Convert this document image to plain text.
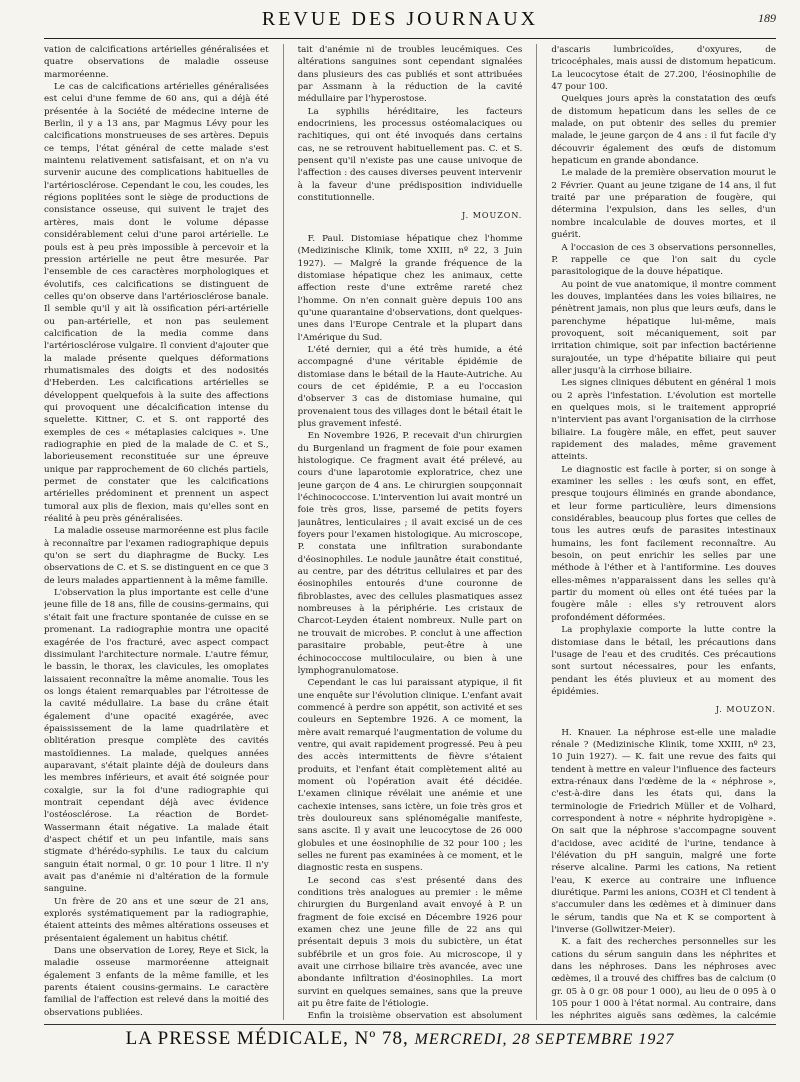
REVUE DES JOURNAUX	189

vation de calcifications artérielles généralisées et quatre observations de maladie osseuse marmoréenne.

Le cas de calcifications artérielles généralisées est celui d'une femme de 60 ans, qui a déjà été présentée à la Société de médecine interne de Berlin, il y a 13 ans, par Magmus Lévy pour les calcifications monstrueuses de ses artères. Depuis ce temps, l'état général de cette malade s'est maintenu relativement satisfaisant, et on n'a vu survenir aucune des complications habituelles de l'artériosclérose. Cependant le cou, les coudes, les régions poplitées sont le siège de productions de consistance osseuse, qui suivent le trajet des artères, mais dont le volume dépasse considérablement celui d'une paroi artérielle. Le pouls est à peu près impossible à percevoir et la pression artérielle ne peut être mesurée. Par l'ensemble de ces caractères morphologiques et évolutifs, ces calcifications se distinguent de celles qu'on observe dans l'artériosclérose banale. Il semble qu'il y ait là ossification péri-artérielle ou pan-artérielle, et non pas seulement calcification de la media comme dans l'artériosclérose vulgaire. Il convient d'ajouter que la malade présente quelques déformations rhumatismales des doigts et des nodosités d'Heberden. Les calcifications artérielles se développent quelquefois à la suite des affections qui provoquent une décalcification intense du squelette. Kittner, C. et S. ont rapporté des exemples de ces « métaplasies calciques ». Une radiographie en pied de la malade de C. et S., laborieusement reconstituée sur une épreuve unique par rapprochement de 60 clichés partiels, permet de constater que les calcifications artérielles prédominent et prennent un aspect tumoral aux plis de flexion, mais qu'elles sont en réalité à peu près généralisées.

La maladie osseuse marmoréenne est plus facile à reconnaître par l'examen radiographique depuis qu'on se sert du diaphragme de Bucky. Les observations de C. et S. se distinguent en ce que 3 de leurs malades appartiennent à la même famille.

L'observation la plus importante est celle d'une jeune fille de 18 ans, fille de cousins-germains, qui s'était fait une fracture spontanée de cuisse en se promenant. La radiographie montra une opacité exagérée de l'os fracturé, avec aspect compact dissimulant l'architecture normale. L'autre fémur, le bassin, le thorax, les clavicules, les omoplates laissaient reconnaître la même anomalie. Tous les os longs étaient remarquables par l'étroitesse de la cavité médullaire. La base du crâne était également d'une opacité exagérée, avec épaississement de la lame quadrilatère et oblitération presque complète des cavités mastoïdiennes. La malade, quelques années auparavant, s'était plainte déjà de douleurs dans les membres inférieurs, et avait été soignée pour coxalgie, sur la foi d'une radiographie qui montrait cependant déjà avec évidence l'ostéosclérose. La réaction de Bordet-Wassermann était négative. La malade était d'aspect chétif et un peu infantile, mais sans stigmate d'hérédo-syphilis. Le taux du calcium sanguin était normal, 0 gr. 10 pour 1 litre. Il n'y avait pas d'anémie ni d'altération de la formule sanguine.

Un frère de 20 ans et une sœur de 21 ans, explorés systématiquement par la radiographie, étaient atteints des mêmes altérations osseuses et présentaient également un habitus chétif.

Dans une observation de Lorey, Reye et Sick, la maladie osseuse marmoréenne atteignait également 3 enfants de la même famille, et les parents étaient cousins-germains. Le caractère familial de l'affection est relevé dans la moitié des observations publiées.

tait d'anémie ni de troubles leucémiques. Ces altérations sanguines sont cependant signalées dans plusieurs des cas publiés et sont attribuées par Assmann à la réduction de la cavité médullaire par l'hyperostose.

La syphilis héréditaire, les facteurs endocriniens, les processus ostéomalaciques ou rachitiques, qui ont été invoqués dans certains cas, ne se retrouvent habituellement pas. C. et S. pensent qu'il n'existe pas une cause univoque de l'affection : des causes diverses peuvent intervenir à la faveur d'une prédisposition individuelle constitutionnelle.

J. MOUZON.

F. Paul. Distomiase hépatique chez l'homme (Medizinische Klinik, tome XXIII, nº 22, 3 Juin 1927). — Malgré la grande fréquence de la distomiase hépatique chez les animaux, cette affection reste d'une extrême rareté chez l'homme. On n'en connait guère depuis 100 ans qu'une quarantaine d'observations, dont quelques-unes dans l'Europe Centrale et la plupart dans l'Amérique du Sud.

L'été dernier, qui a été très humide, a été accompagné d'une véritable épidémie de distomiase dans le bétail de la Haute-Autriche. Au cours de cet épidémie, P. a eu l'occasion d'observer 3 cas de distomiase humaine, qui provenaient tous des villages dont le bétail était le plus gravement infesté.

En Novembre 1926, P. recevait d'un chirurgien du Burgenland un fragment de foie pour examen histologique. Ce fragment avait été prélevé, au cours d'une laparotomie exploratrice, chez une jeune garçon de 4 ans. Le chirurgien soupçonnait l'échinococcose. L'intervention lui avait montré un foie très gros, lisse, parsemé de petits foyers jaunâtres, lenticulaires ; il avait excisé un de ces foyers pour l'examen histologique. Au microscope, P. constata une infiltration surabondante d'éosinophiles. Le nodule jaunâtre était constitué, au centre, par des détritus cellulaires et par des éosinophiles entourés d'une couronne de fibroblastes, avec des cellules plasmatiques assez nombreuses à la périphérie. Les cristaux de Charcot-Leyden étaient nombreux. Nulle part on ne trouvait de microbes. P. conclut à une affection parasitaire probable, peut-être à une échinococcose multiloculaire, ou bien à une lymphogranulomatose.

Cependant le cas lui paraissant atypique, il fit une enquête sur l'évolution clinique. L'enfant avait commencé à perdre son appétit, son activité et ses couleurs en Septembre 1926. A ce moment, la mère avait remarqué l'augmentation de volume du ventre, qui avait rapidement progressé. Peu à peu des accès intermittents de fièvre s'étaient produits, et l'enfant était complètement alité au moment où l'opération avait été décidée. L'examen clinique révélait une anémie et une cachexie intenses, sans ictère, un foie très gros et très douloureux sans splénomégalie manifeste, sans ascite. Il y avait une leucocytose de 26 000 globules et une éosinophilie de 32 pour 100 ; les selles ne furent pas examinées à ce moment, et le diagnostic resta en suspens.

Le second cas s'est présenté dans des conditions très analogues au premier : le même chirurgien du Burgenland avait envoyé à P. un fragment de foie excisé en Décembre 1926 pour examen chez une jeune fille de 22 ans qui présentait depuis 3 mois du subictère, un état subfébrile et un gros foie. Au microscope, il y avait une cirrhose biliaire très avancée, avec une abondante infiltration d'éosinophiles. La mort survint en quelques semaines, sans que la preuve ait pu être faite de l'étiologie.

Enfin la troisième observation est absolument

d'ascaris lumbricoïdes, d'oxyures, de tricocéphales, mais aussi de distomum hepaticum. La leucocytose était de 27.200, l'éosinophilie de 47 pour 100.

Quelques jours après la constatation des œufs de distomum hepaticum dans les selles de ce malade, on put obtenir des selles du premier malade, le jeune garçon de 4 ans : il fut facile d'y découvrir également des œufs de distomum hepaticum en grande abondance.

Le malade de la première observation mourut le 2 Février. Quant au jeune tzigane de 14 ans, il fut traité par une préparation de fougère, qui détermina l'expulsion, dans les selles, d'un nombre incalculable de douves mortes, et il guérit.

A l'occasion de ces 3 observations personnelles, P. rappelle ce que l'on sait du cycle parasitologique de la douve hépatique.

Au point de vue anatomique, il montre comment les douves, implantées dans les voies biliaires, ne pénètrent jamais, non plus que leurs œufs, dans le parenchyme hépatique lui-même, mais provoquent, soit mécaniquement, soit par irritation chimique, soit par infection bactérienne surajoutée, un type d'hépatite biliaire qui peut aller jusqu'à la cirrhose biliaire.

Les signes cliniques débutent en général 1 mois ou 2 après l'infestation. L'évolution est mortelle en quelques mois, si le traitement approprié n'intervient pas avant l'organisation de la cirrhose biliaire. La fougère mâle, en effet, peut sauver rapidement des malades, même gravement atteints.

Le diagnostic est facile à porter, si on songe à examiner les selles : les œufs sont, en effet, presque toujours éliminés en grande abondance, et leur forme particulière, leurs dimensions considérables, beaucoup plus fortes que celles de tous les autres œufs de parasites intestinaux humains, les font facilement reconnaître. Au besoin, on peut enrichir les selles par une méthode à l'éther et à l'antiformine. Les douves elles-mêmes n'apparaissent dans les selles qu'à partir du moment où elles ont été tuées par la fougère mâle : elles s'y retrouvent alors profondément déformées.

La prophylaxie comporte la lutte contre la distomiase dans le bétail, les précautions dans l'usage de l'eau et des crudités. Ces précautions sont surtout nécessaires, pour les enfants, pendant les étés pluvieux et au moment des épidémies.

J. MOUZON.

H. Knauer. La néphrose est-elle une maladie rénale ? (Medizinische Klinik, tome XXIII, nº 23, 10 Juin 1927). — K. fait une revue des faits qui tendent à mettre en valeur l'influence des facteurs extra-rénaux dans l'œdème de la « néphrose », c'est-à-dire dans les états qui, dans la terminologie de Friedrich Müller et de Volhard, correspondent à notre « néphrite hydropigène ». On sait que la néphrose s'accompagne souvent d'acidose, avec acidité de l'urine, tendance à l'élévation du pH sanguin, malgré une forte réserve alcaline. Parmi les cations, Na retient l'eau, K exerce au contraire une influence diurétique. Parmi les anions, CO3H et Cl tendent à s'accumuler dans les œdèmes et à diminuer dans le sérum, tandis que Na et K se comportent à l'inverse (Gollwitzer-Meier).

K. a fait des recherches personnelles sur les cations du sérum sanguin dans les néphrites et dans les néphroses. Dans les néphroses avec œdèmes, il a trouvé des chiffres bas de calcium (0 gr. 05 à 0 gr. 08 pour 1 000), au lieu de 0 095 à 0 105 pour 1 000 à l'état normal. Au contraire, dans les néphrites aiguës sans œdèmes, la calcémie

LA PRESSE MÉDICALE, Nº 78, MERCREDI, 28 SEPTEMBRE 1927
